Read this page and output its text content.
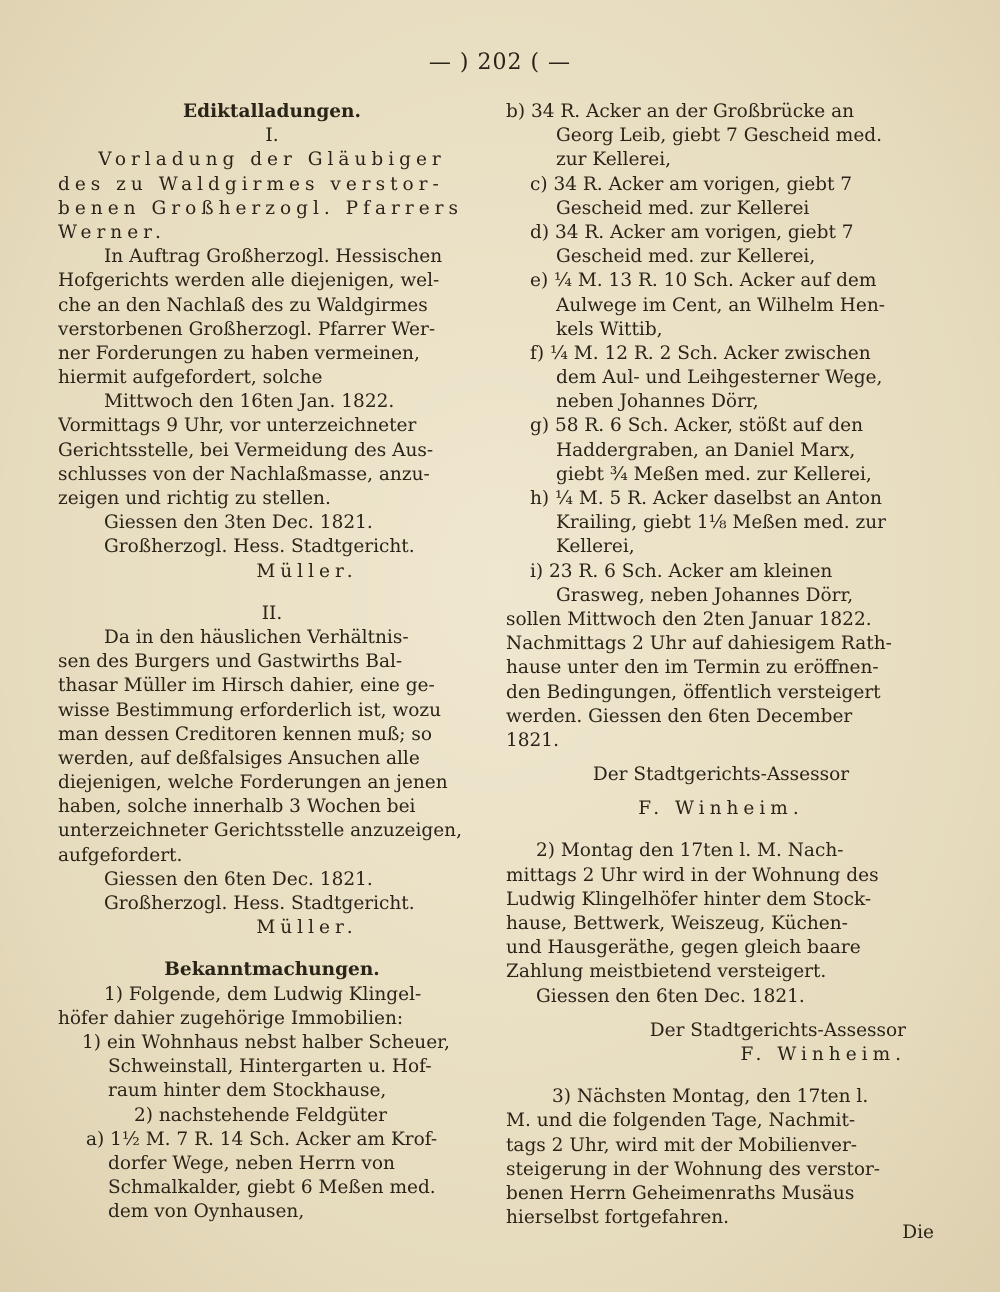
— ) 202 ( —
Ediktalladungen.
I.
Vorladung der Gläubiger
des zu Waldgirmes verstor-
benen Großherzogl. Pfarrers
Werner.
In Auftrag Großherzogl. Hessischen
Hofgerichts werden alle diejenigen, wel-
che an den Nachlaß des zu Waldgirmes
verstorbenen Großherzogl. Pfarrer Wer-
ner Forderungen zu haben vermeinen,
hiermit aufgefordert, solche
Mittwoch den 16ten Jan. 1822.
Vormittags 9 Uhr, vor unterzeichneter
Gerichtsstelle, bei Vermeidung des Aus-
schlusses von der Nachlaßmasse, anzu-
zeigen und richtig zu stellen.
Giessen den 3ten Dec. 1821.
Großherzogl. Hess. Stadtgericht.
Müller.
II.
Da in den häuslichen Verhältnis-
sen des Burgers und Gastwirths Bal-
thasar Müller im Hirsch dahier, eine ge-
wisse Bestimmung erforderlich ist, wozu
man dessen Creditoren kennen muß; so
werden, auf deßfalsiges Ansuchen alle
diejenigen, welche Forderungen an jenen
haben, solche innerhalb 3 Wochen bei
unterzeichneter Gerichtsstelle anzuzeigen,
aufgefordert.
Giessen den 6ten Dec. 1821.
Großherzogl. Hess. Stadtgericht.
Müller.
Bekanntmachungen.
1) Folgende, dem Ludwig Klingel-
höfer dahier zugehörige Immobilien:
1) ein Wohnhaus nebst halber Scheuer,
Schweinstall, Hintergarten u. Hof-
raum hinter dem Stockhause,
2) nachstehende Feldgüter
a) 1½ M. 7 R. 14 Sch. Acker am Krof-
dorfer Wege, neben Herrn von
Schmalkalder, giebt 6 Meßen med.
dem von Oynhausen,
b) 34 R. Acker an der Großbrücke an
Georg Leib, giebt 7 Gescheid med.
zur Kellerei,
c) 34 R. Acker am vorigen, giebt 7
Gescheid med. zur Kellerei
d) 34 R. Acker am vorigen, giebt 7
Gescheid med. zur Kellerei,
e) ¼ M. 13 R. 10 Sch. Acker auf dem
Aulwege im Cent, an Wilhelm Hen-
kels Wittib,
f) ¼ M. 12 R. 2 Sch. Acker zwischen
dem Aul- und Leihgesterner Wege,
neben Johannes Dörr,
g) 58 R. 6 Sch. Acker, stößt auf den
Haddergraben, an Daniel Marx,
giebt ¾ Meßen med. zur Kellerei,
h) ¼ M. 5 R. Acker daselbst an Anton
Krailing, giebt 1⅛ Meßen med. zur
Kellerei,
i) 23 R. 6 Sch. Acker am kleinen
Grasweg, neben Johannes Dörr,
sollen Mittwoch den 2ten Januar 1822.
Nachmittags 2 Uhr auf dahiesigem Rath-
hause unter den im Termin zu eröffnen-
den Bedingungen, öffentlich versteigert
werden. Giessen den 6ten December
1821.
Der Stadtgerichts-Assessor
F. Winheim.
2) Montag den 17ten l. M. Nach-
mittags 2 Uhr wird in der Wohnung des
Ludwig Klingelhöfer hinter dem Stock-
hause, Bettwerk, Weiszeug, Küchen-
und Hausgeräthe, gegen gleich baare
Zahlung meistbietend versteigert.
Giessen den 6ten Dec. 1821.
Der Stadtgerichts-Assessor
F. Winheim.
3) Nächsten Montag, den 17ten l.
M. und die folgenden Tage, Nachmit-
tags 2 Uhr, wird mit der Mobilienver-
steigerung in der Wohnung des verstor-
benen Herrn Geheimenraths Musäus
hierselbst fortgefahren.
Die
